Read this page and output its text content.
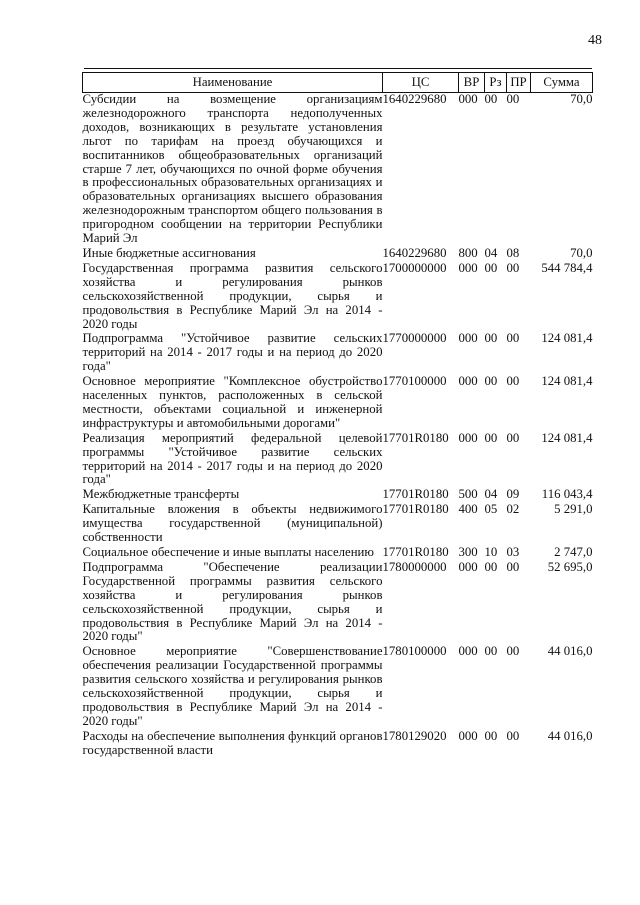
48
Наименование	ЦС	ВР	Рз	ПР	Сумма
Субсидии на возмещение организациям железнодорожного транспорта недополученных доходов, возникающих в результате установления льгот по тарифам на проезд обучающихся и воспитанников общеобразовательных организаций старше 7 лет, обучающихся по очной форме обучения в профессиональных образовательных организациях и образовательных организациях высшего образования железнодорожным транспортом общего пользования в пригородном сообщении на территории Республики Марий Эл	1640229680	000	00	00	70,0
Иные бюджетные ассигнования	1640229680	800	04	08	70,0
Государственная программа развития сельского хозяйства и регулирования рынков сельскохозяйственной продукции, сырья и продовольствия в Республике Марий Эл на 2014 - 2020 годы	1700000000	000	00	00	544 784,4
Подпрограмма "Устойчивое развитие сельских территорий на 2014 - 2017 годы и на период до 2020 года"	1770000000	000	00	00	124 081,4
Основное мероприятие "Комплексное обустройство населенных пунктов, расположенных в сельской местности, объектами социальной и инженерной инфраструктуры и автомобильными дорогами"	1770100000	000	00	00	124 081,4
Реализация мероприятий федеральной целевой программы "Устойчивое развитие сельских территорий на 2014 - 2017 годы и на период до 2020 года"	17701R0180	000	00	00	124 081,4
Межбюджетные трансферты	17701R0180	500	04	09	116 043,4
Капитальные вложения в объекты недвижимого имущества государственной (муниципальной) собственности	17701R0180	400	05	02	5 291,0
Социальное обеспечение и иные выплаты населению	17701R0180	300	10	03	2 747,0
Подпрограмма "Обеспечение реализации Государственной программы развития сельского хозяйства и регулирования рынков сельскохозяйственной продукции, сырья и продовольствия в Республике Марий Эл на 2014 - 2020 годы"	1780000000	000	00	00	52 695,0
Основное мероприятие "Совершенствование обеспечения реализации Государственной программы развития сельского хозяйства и регулирования рынков сельскохозяйственной продукции, сырья и продовольствия в Республике Марий Эл на 2014 - 2020 годы"	1780100000	000	00	00	44 016,0
Расходы на обеспечение выполнения функций органов государственной власти	1780129020	000	00	00	44 016,0
